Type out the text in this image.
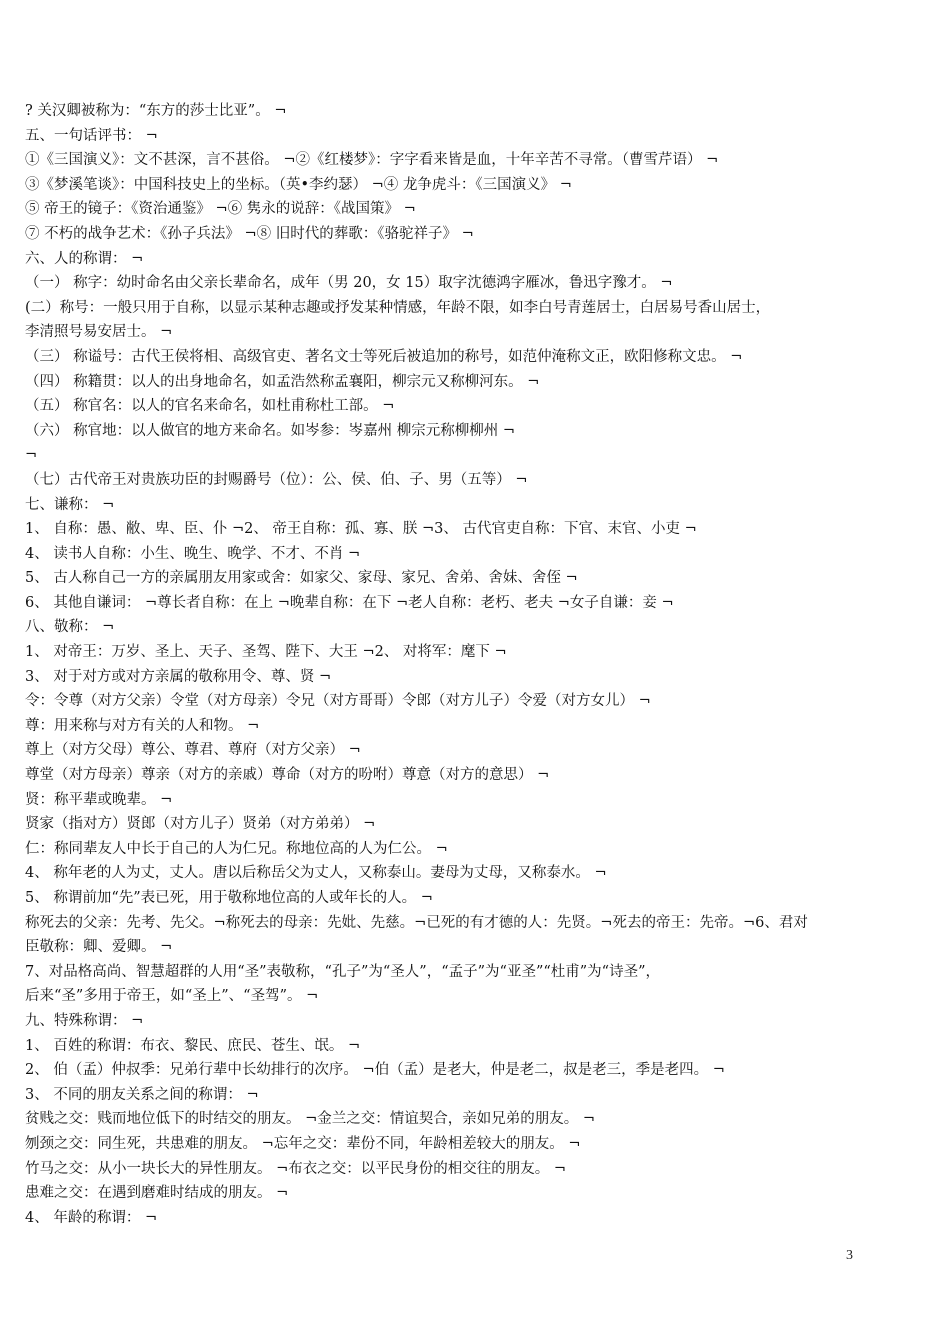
? 关汉卿被称为：“东方的莎士比亚”。 ¬
五、一句话评书： ¬
①《三国演义》：文不甚深，言不甚俗。 ¬②《红楼梦》：字字看来皆是血，十年辛苦不寻常。（曹雪芹语） ¬
③《梦溪笔谈》：中国科技史上的坐标。（英•李约瑟） ¬④ 龙争虎斗：《三国演义》 ¬
⑤ 帝王的镜子：《资治通鉴》 ¬⑥ 隽永的说辞：《战国策》 ¬
⑦ 不朽的战争艺术：《孙子兵法》 ¬⑧ 旧时代的葬歌：《骆驼祥子》 ¬
六、人的称谓： ¬
（一） 称字：幼时命名由父亲长辈命名，成年（男 20，女 15）取字沈德鸿字雁冰，鲁迅字豫才。 ¬
(二）称号：一般只用于自称，以显示某种志趣或抒发某种情感，年龄不限，如李白号青莲居士，白居易号香山居士，
李清照号易安居士。 ¬
（三） 称谥号：古代王侯将相、高级官吏、著名文士等死后被追加的称号，如范仲淹称文正，欧阳修称文忠。 ¬
（四） 称籍贯：以人的出身地命名，如孟浩然称孟襄阳，柳宗元又称柳河东。 ¬
（五） 称官名：以人的官名来命名，如杜甫称杜工部。 ¬
（六） 称官地：以人做官的地方来命名。如岑参：岑嘉州 柳宗元称柳柳州 ¬
¬
（七）古代帝王对贵族功臣的封赐爵号（位）：公、侯、伯、子、男（五等） ¬
七、谦称： ¬
1、 自称：愚、敝、卑、臣、仆 ¬2、 帝王自称：孤、寡、朕 ¬3、 古代官吏自称：下官、末官、小吏 ¬
4、 读书人自称：小生、晚生、晚学、不才、不肖 ¬
5、 古人称自己一方的亲属朋友用家或舍：如家父、家母、家兄、舍弟、舍妹、舍侄 ¬
6、 其他自谦词： ¬尊长者自称：在上 ¬晚辈自称：在下 ¬老人自称：老朽、老夫 ¬女子自谦：妾 ¬
八、敬称： ¬
1、 对帝王：万岁、圣上、天子、圣驾、陛下、大王 ¬2、 对将军：麾下 ¬
3、 对于对方或对方亲属的敬称用令、尊、贤 ¬
令：令尊（对方父亲）令堂（对方母亲）令兄（对方哥哥）令郎（对方儿子）令爱（对方女儿） ¬
尊：用来称与对方有关的人和物。 ¬
尊上（对方父母）尊公、尊君、尊府（对方父亲） ¬
尊堂（对方母亲）尊亲（对方的亲戚）尊命（对方的吩咐）尊意（对方的意思） ¬
贤：称平辈或晚辈。 ¬
贤家（指对方）贤郎（对方儿子）贤弟（对方弟弟） ¬
仁：称同辈友人中长于自己的人为仁兄。称地位高的人为仁公。 ¬
4、 称年老的人为丈，丈人。唐以后称岳父为丈人，又称泰山。妻母为丈母，又称泰水。 ¬
5、 称谓前加“先”表已死，用于敬称地位高的人或年长的人。 ¬
称死去的父亲：先考、先父。¬称死去的母亲：先妣、先慈。¬已死的有才德的人：先贤。¬死去的帝王：先帝。¬6、君对
臣敬称：卿、爱卿。 ¬
7、对品格高尚、智慧超群的人用“圣”表敬称，“孔子”为“圣人”，“孟子”为“亚圣”“杜甫”为“诗圣”，
后来“圣”多用于帝王，如“圣上”、“圣驾”。 ¬
九、特殊称谓： ¬
1、 百姓的称谓：布衣、黎民、庶民、苍生、氓。 ¬
2、 伯（孟）仲叔季：兄弟行辈中长幼排行的次序。 ¬伯（孟）是老大，仲是老二，叔是老三，季是老四。 ¬
3、 不同的朋友关系之间的称谓： ¬
贫贱之交：贱而地位低下的时结交的朋友。 ¬金兰之交：情谊契合，亲如兄弟的朋友。 ¬
刎颈之交：同生死，共患难的朋友。 ¬忘年之交：辈份不同，年龄相差较大的朋友。 ¬
竹马之交：从小一块长大的异性朋友。 ¬布衣之交：以平民身份的相交往的朋友。 ¬
患难之交：在遇到磨难时结成的朋友。 ¬
4、 年龄的称谓： ¬
3
